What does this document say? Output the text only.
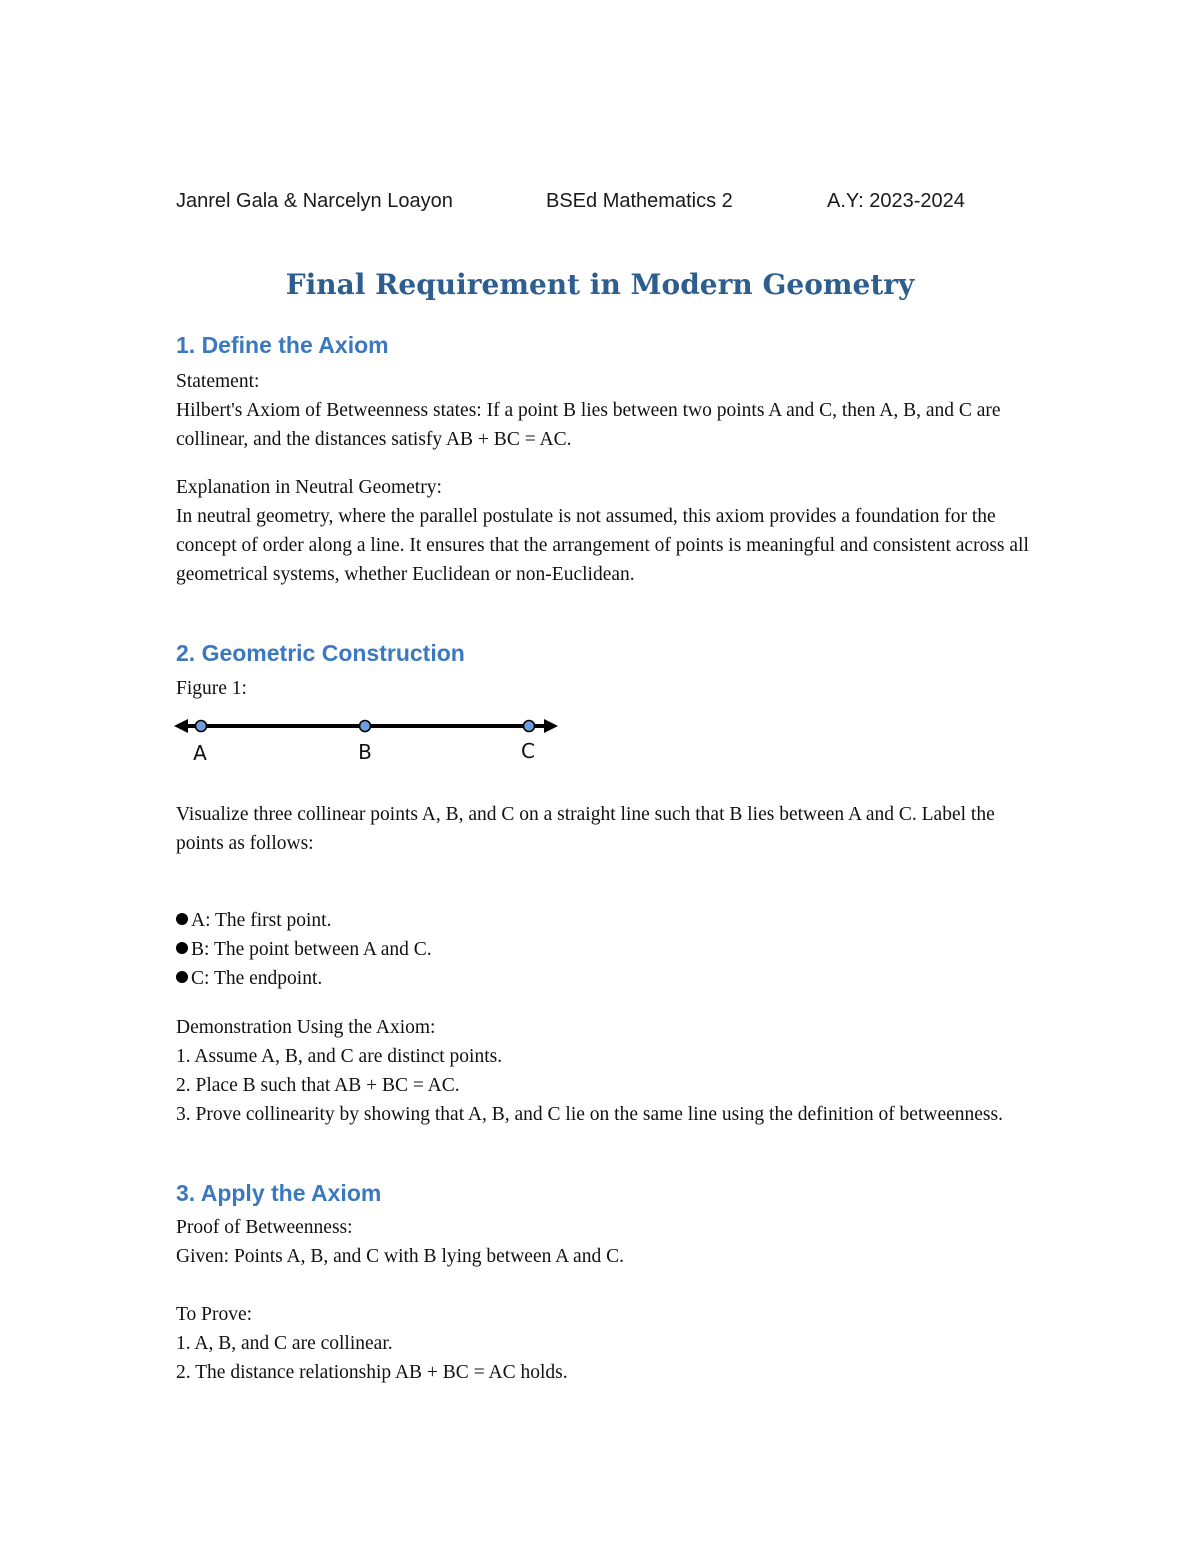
Janrel Gala & Narcelyn Loayon	BSEd Mathematics 2	A.Y: 2023-2024
Final Requirement in Modern Geometry
1. Define the Axiom
Statement:
Hilbert's Axiom of Betweenness states: If a point B lies between two points A and C, then A, B, and C are collinear, and the distances satisfy AB + BC = AC.
Explanation in Neutral Geometry:
In neutral geometry, where the parallel postulate is not assumed, this axiom provides a foundation for the concept of order along a line. It ensures that the arrangement of points is meaningful and consistent across all geometrical systems, whether Euclidean or non-Euclidean.
2. Geometric Construction
Figure 1:
A	B	C
Visualize three collinear points A, B, and C on a straight line such that B lies between A and C. Label the points as follows:
A: The first point.
B: The point between A and C.
C: The endpoint.
Demonstration Using the Axiom:
1. Assume A, B, and C are distinct points.
2. Place B such that AB + BC = AC.
3. Prove collinearity by showing that A, B, and C lie on the same line using the definition of betweenness.
3. Apply the Axiom
Proof of Betweenness:
Given: Points A, B, and C with B lying between A and C.
To Prove:
1. A, B, and C are collinear.
2. The distance relationship AB + BC = AC holds.
